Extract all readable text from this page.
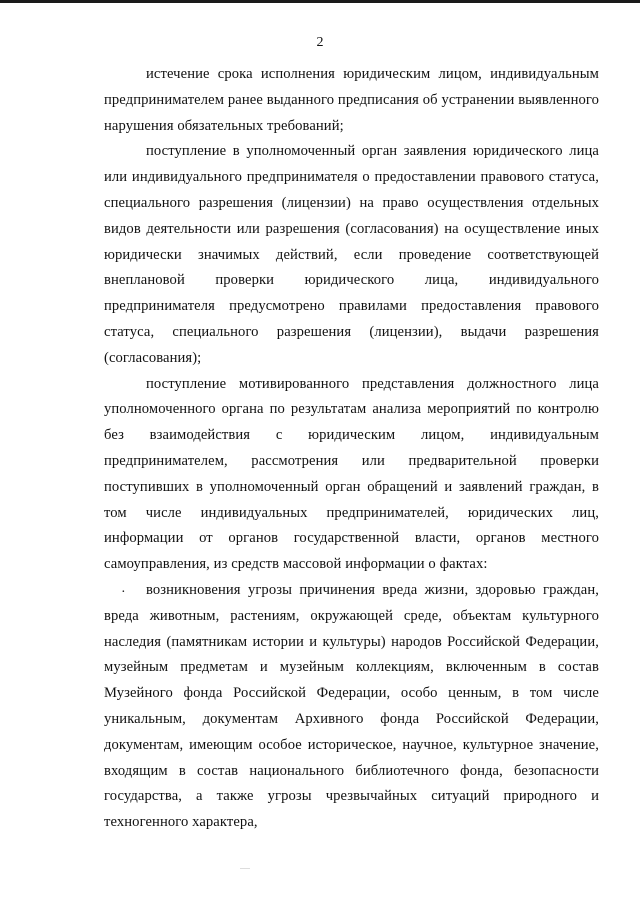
2

истечение срока исполнения юридическим лицом, индивидуальным предпринимателем ранее выданного предписания об устранении выявленного нарушения обязательных требований;

поступление в уполномоченный орган заявления юридического лица или индивидуального предпринимателя о предоставлении правового статуса, специального разрешения (лицензии) на право осуществления отдельных видов деятельности или разрешения (согласования) на осуществление иных юридически значимых действий, если проведение соответствующей внеплановой проверки юридического лица, индивидуального предпринимателя предусмотрено правилами предоставления правового статуса, специального разрешения (лицензии), выдачи разрешения (согласования);

поступление мотивированного представления должностного лица уполномоченного органа по результатам анализа мероприятий по контролю без взаимодействия с юридическим лицом, индивидуальным предпринимателем, рассмотрения или предварительной проверки поступивших в уполномоченный орган обращений и заявлений граждан, в том числе индивидуальных предпринимателей, юридических лиц, информации от органов государственной власти, органов местного самоуправления, из средств массовой информации о фактах:

возникновения угрозы причинения вреда жизни, здоровью граждан, вреда животным, растениям, окружающей среде, объектам культурного наследия (памятникам истории и культуры) народов Российской Федерации, музейным предметам и музейным коллекциям, включенным в состав Музейного фонда Российской Федерации, особо ценным, в том числе уникальным, документам Архивного фонда Российской Федерации, документам, имеющим особое историческое, научное, культурное значение, входящим в состав национального библиотечного фонда, безопасности государства, а также угрозы чрезвычайных ситуаций природного и техногенного характера,

·
